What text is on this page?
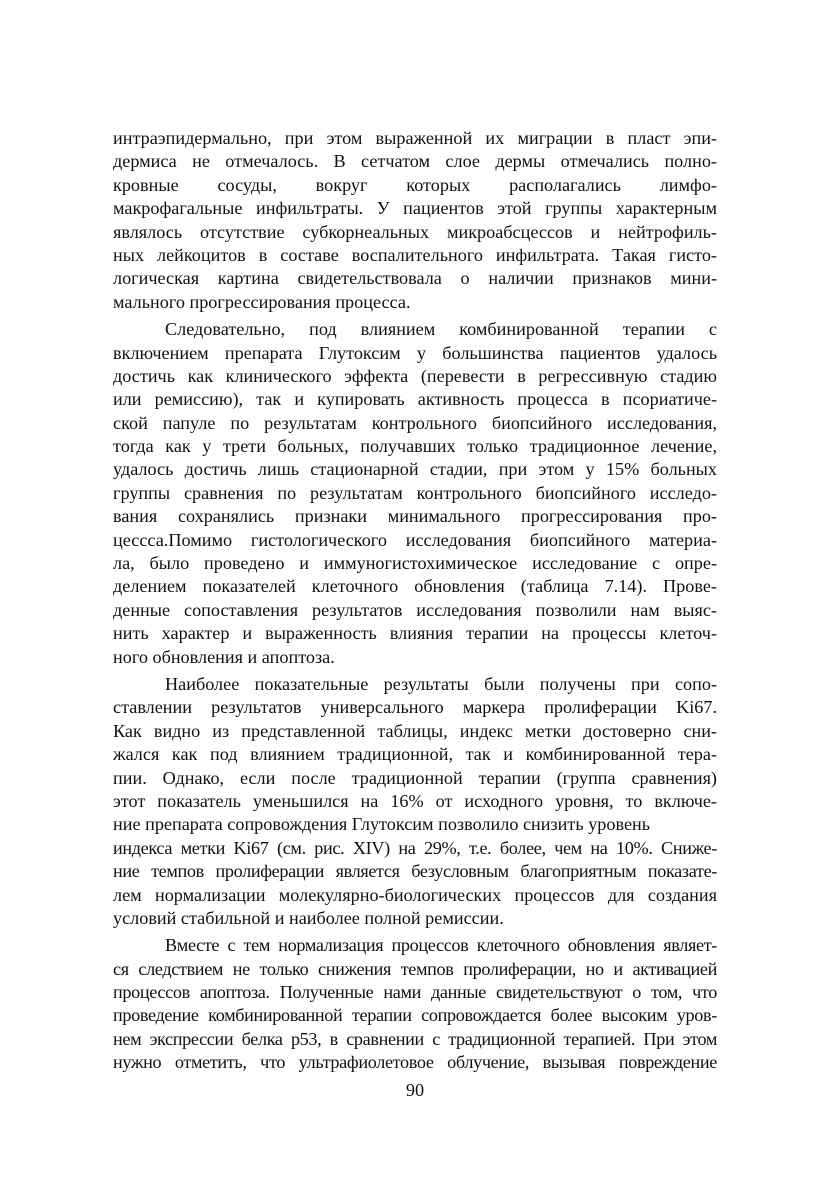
интраэпидермально, при этом выраженной их миграции в пласт эпи-
дермиса не отмечалось. В сетчатом слое дермы отмечались полно-
кровные сосуды, вокруг которых располагались лимфо-
макрофагальные инфильтраты. У пациентов этой группы характерным
являлось отсутствие субкорнеальных микроабсцессов и нейтрофиль-
ных лейкоцитов в составе воспалительного инфильтрата. Такая гисто-
логическая картина свидетельствовала о наличии признаков мини-
мального прогрессирования процесса.
Следовательно, под влиянием комбинированной терапии с
включением препарата Глутоксим у большинства пациентов удалось
достичь как клинического эффекта (перевести в регрессивную стадию
или ремиссию), так и купировать активность процесса в псориатиче-
ской папуле по результатам контрольного биопсийного исследования,
тогда как у трети больных, получавших только традиционное лечение,
удалось достичь лишь стационарной стадии, при этом у 15% больных
группы сравнения по результатам контрольного биопсийного исследо-
вания сохранялись признаки минимального прогрессирования про-
цессса.Помимо гистологического исследования биопсийного материа-
ла, было проведено и иммуногистохимическое исследование с опре-
делением показателей клеточного обновления (таблица 7.14). Прове-
денные сопоставления результатов исследования позволили нам выяс-
нить характер и выраженность влияния терапии на процессы клеточ-
ного обновления и апоптоза.
Наиболее показательные результаты были получены при сопо-
ставлении результатов универсального маркера пролиферации Ki67.
Как видно из представленной таблицы, индекс метки достоверно сни-
жался как под влиянием традиционной, так и комбинированной тера-
пии. Однако, если после традиционной терапии (группа сравнения)
этот показатель уменьшился на 16% от исходного уровня, то включе-
ние препарата сопровождения Глутоксим позволило снизить уровень
индекса метки Ki67 (см. рис. XIV) на 29%, т.е. более, чем на 10%. Сниже-
ние темпов пролиферации является безусловным благоприятным показате-
лем нормализации молекулярно-биологических процессов для создания
условий стабильной и наиболее полной ремиссии.
Вместе с тем нормализация процессов клеточного обновления являет-
ся следствием не только снижения темпов пролиферации, но и активацией
процессов апоптоза. Полученные нами данные свидетельствуют о том, что
проведение комбинированной терапии сопровождается более высоким уров-
нем экспрессии белка р53, в сравнении с традиционной терапией. При этом
нужно отметить, что ультрафиолетовое облучение, вызывая повреждение
90
